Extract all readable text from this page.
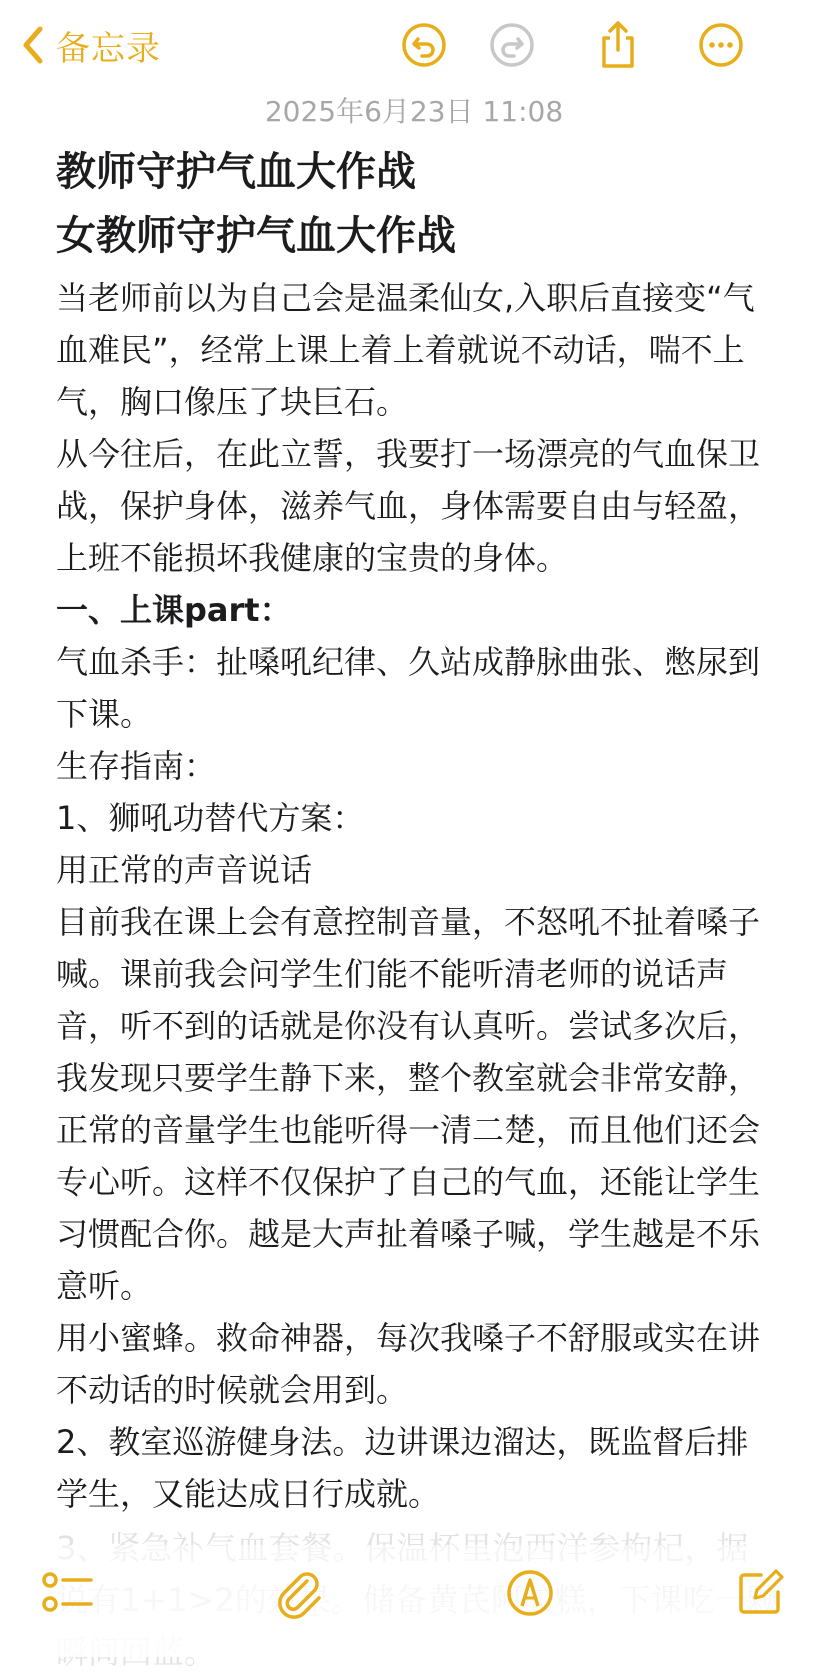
备忘录
2025年6月23日 11:08
教师守护气血大作战
女教师守护气血大作战

当老师前以为自己会是温柔仙女,入职后直接变“气血难民”，经常上课上着上着就说不动话，喘不上气，胸口像压了块巨石。

从今往后，在此立誓，我要打一场漂亮的气血保卫战，保护身体，滋养气血，身体需要自由与轻盈，上班不能损坏我健康的宝贵的身体。

一、上课part：

气血杀手：扯嗓吼纪律、久站成静脉曲张、憋尿到下课。

生存指南：

1、狮吼功替代方案：

用正常的声音说话

目前我在课上会有意控制音量，不怒吼不扯着嗓子喊。课前我会问学生们能不能听清老师的说话声音，听不到的话就是你没有认真听。尝试多次后，我发现只要学生静下来，整个教室就会非常安静，正常的音量学生也能听得一清二楚，而且他们还会专心听。这样不仅保护了自己的气血，还能让学生习惯配合你。越是大声扯着嗓子喊，学生越是不乐意听。

用小蜜蜂。救命神器，每次我嗓子不舒服或实在讲不动话的时候就会用到。

2、教室巡游健身法。边讲课边溜达，既监督后排学生，又能达成日行成就。
